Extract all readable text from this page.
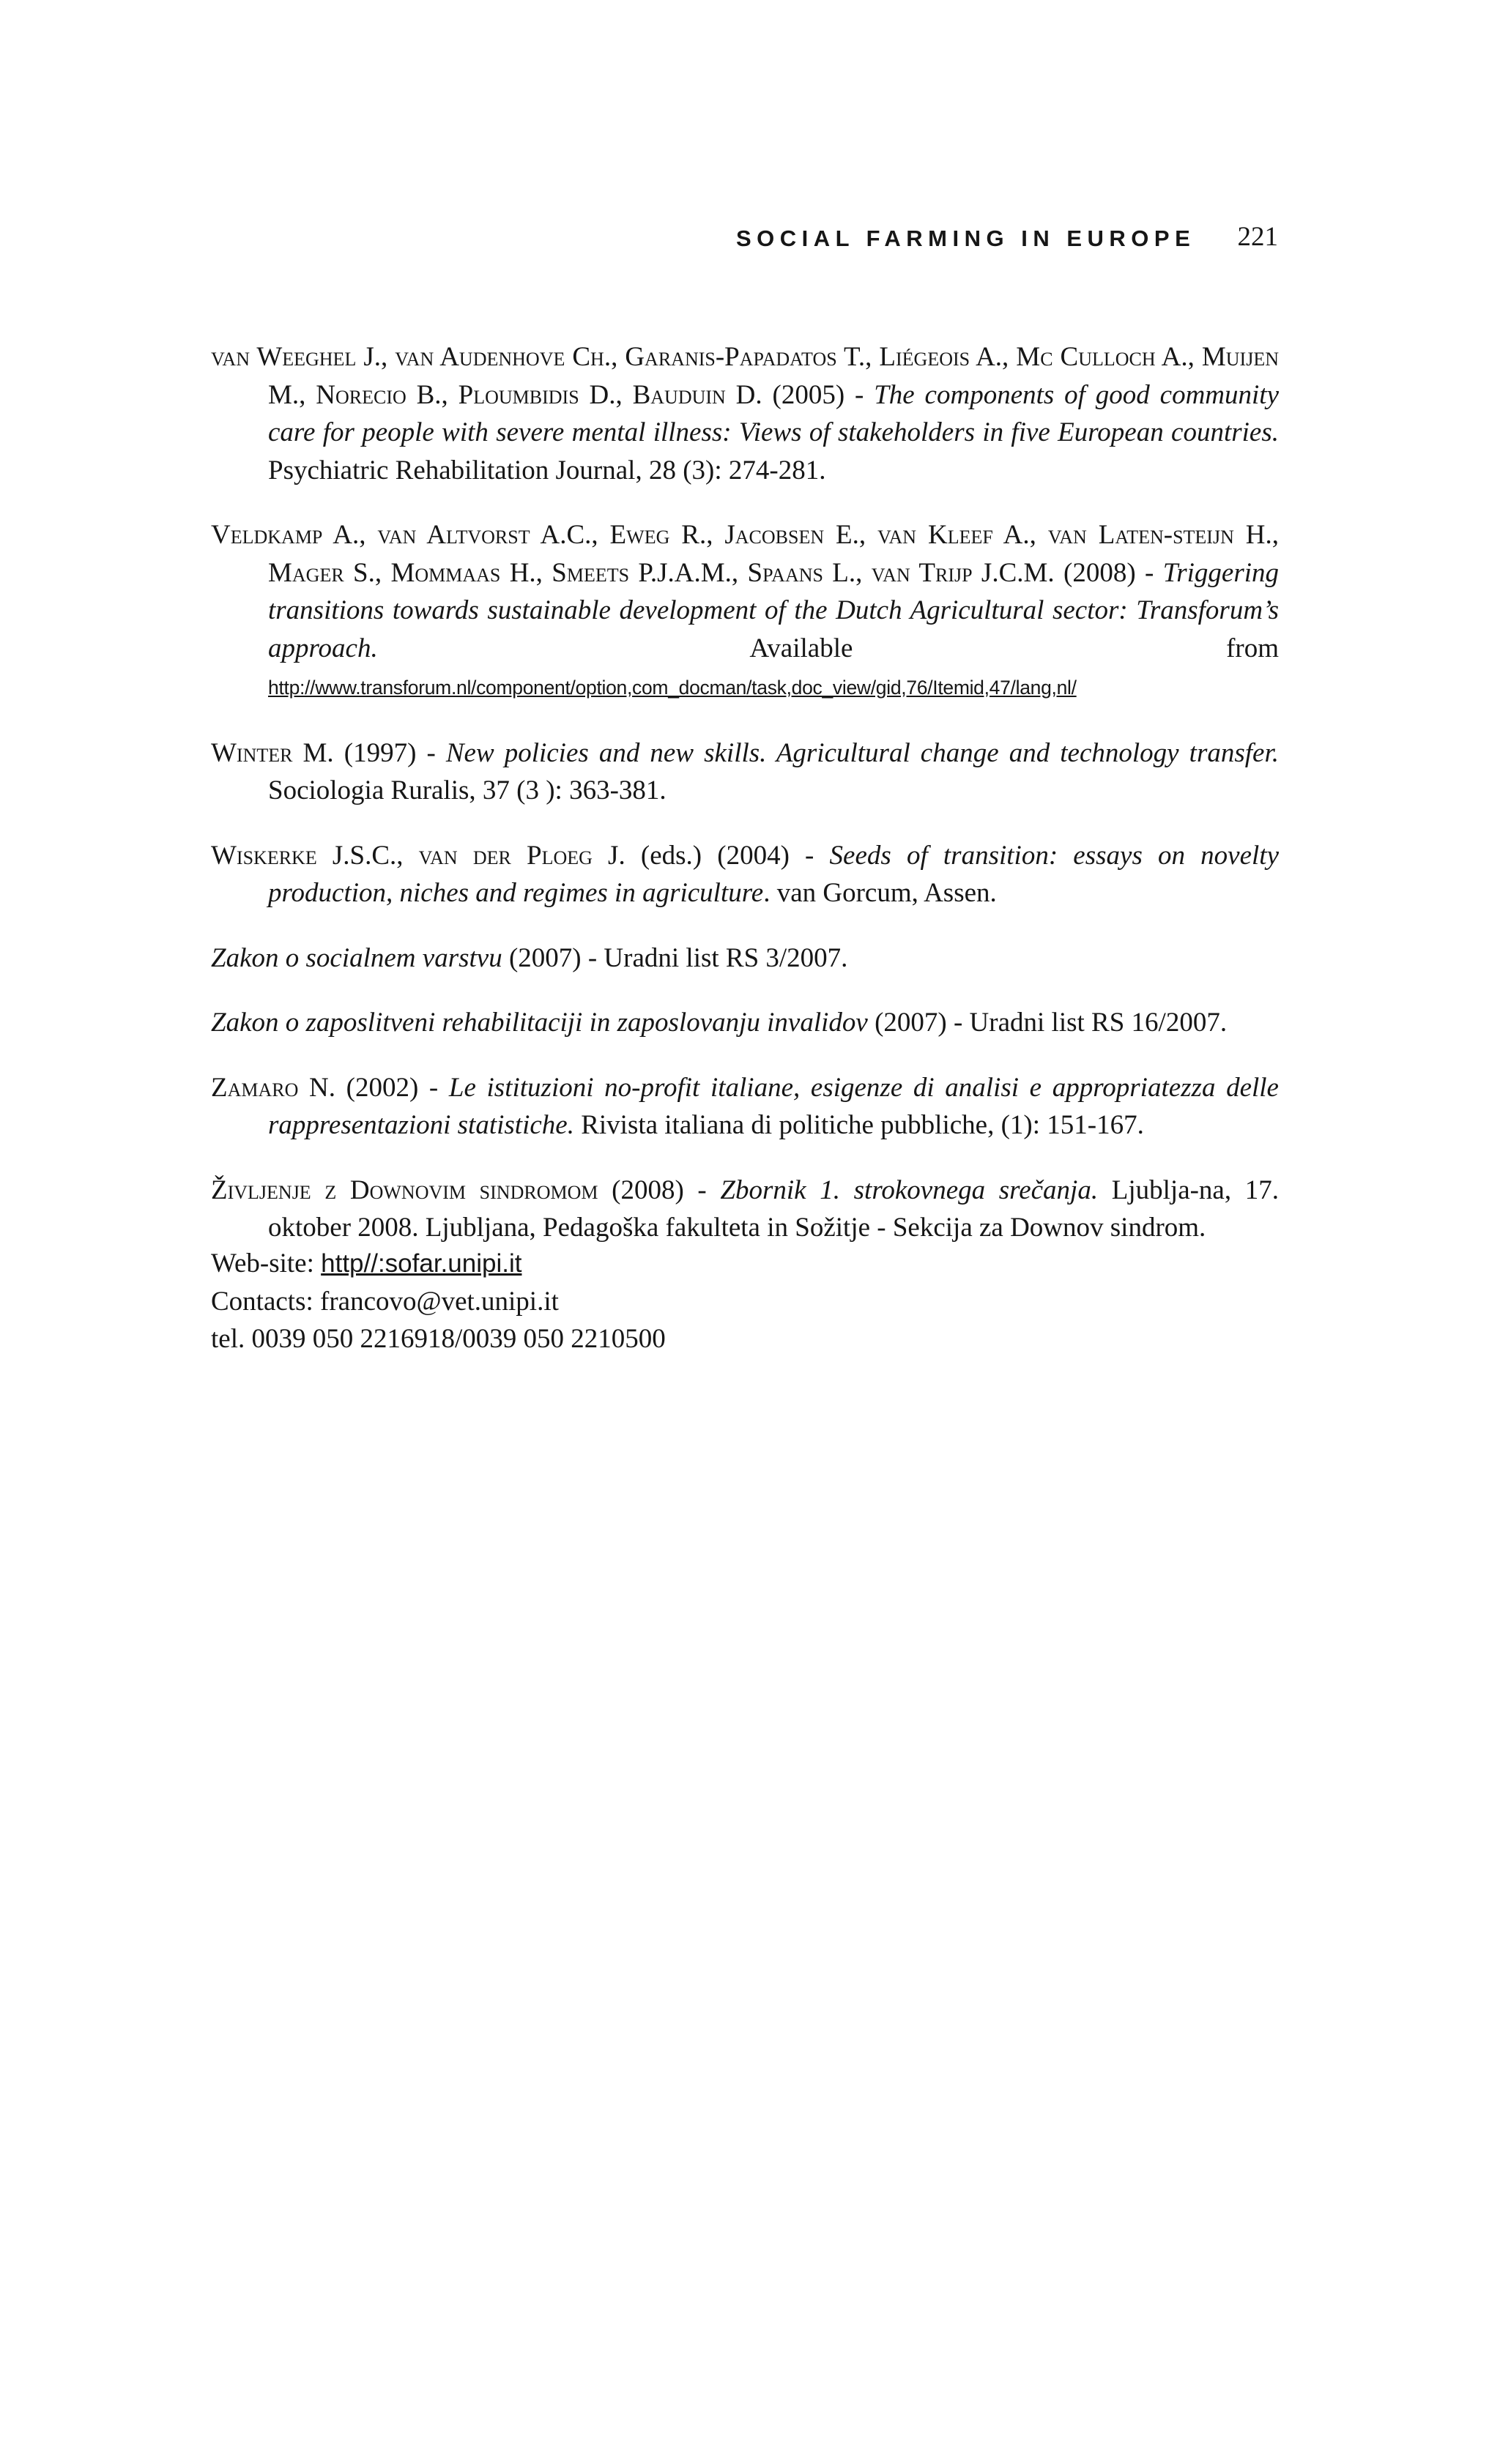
SOCIAL FARMING IN EUROPE 221

van Weeghel J., van Audenhove Ch., Garanis-Papadatos T., Liégeois A., Mc Culloch A., Muijen M., Norecio B., Ploumbidis D., Bauduin D. (2005) - The components of good community care for people with severe mental illness: Views of stakeholders in five European countries. Psychiatric Rehabilitation Journal, 28 (3): 274-281.

Veldkamp A., van Altvorst A.C., Eweg R., Jacobsen E., van Kleef A., van Laten-steijn H., Mager S., Mommaas H., Smeets P.J.A.M., Spaans L., van Trijp J.C.M. (2008) - Triggering transitions towards sustainable development of the Dutch Agricultural sector: Transforum’s approach. Available from http://www.transforum.nl/component/option,com_docman/task,doc_view/gid,76/Itemid,47/lang,nl/

Winter M. (1997) - New policies and new skills. Agricultural change and technology transfer. Sociologia Ruralis, 37 (3 ): 363-381.

Wiskerke J.S.C., van der Ploeg J. (eds.) (2004) - Seeds of transition: essays on novelty production, niches and regimes in agriculture. van Gorcum, Assen.

Zakon o socialnem varstvu (2007) - Uradni list RS 3/2007.

Zakon o zaposlitveni rehabilitaciji in zaposlovanju invalidov (2007) - Uradni list RS 16/2007.

Zamaro N. (2002) - Le istituzioni no-profit italiane, esigenze di analisi e appropriatezza delle rappresentazioni statistiche. Rivista italiana di politiche pubbliche, (1): 151-167.

Življenje z Downovim sindromom (2008) - Zbornik 1. strokovnega srečanja. Ljublja-na, 17. oktober 2008. Ljubljana, Pedagoška fakulteta in Sožitje - Sekcija za Downov sindrom.

Web-site: http//:sofar.unipi.it
Contacts: francovo@vet.unipi.it
tel. 0039 050 2216918/0039 050 2210500
